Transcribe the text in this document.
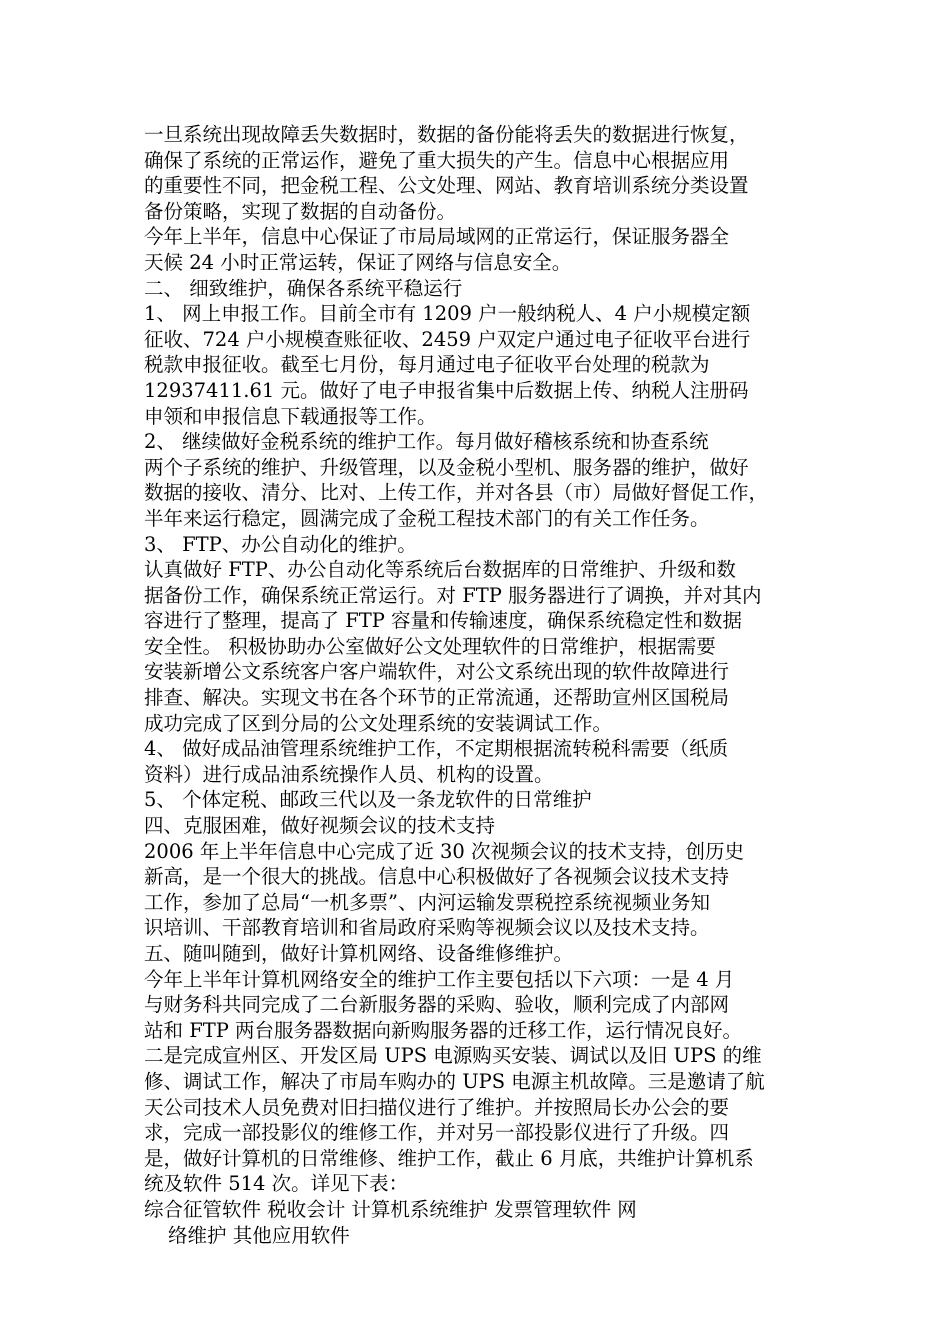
一旦系统出现故障丢失数据时，数据的备份能将丢失的数据进行恢复，
确保了系统的正常运作，避免了重大损失的产生。信息中心根据应用
的重要性不同，把金税工程、公文处理、网站、教育培训系统分类设置
备份策略，实现了数据的自动备份。
今年上半年，信息中心保证了市局局域网的正常运行，保证服务器全
天候 24 小时正常运转，保证了网络与信息安全。
二、 细致维护，确保各系统平稳运行
1、 网上申报工作。目前全市有 1209 户一般纳税人、4 户小规模定额
征收、724 户小规模查账征收、2459 户双定户通过电子征收平台进行
税款申报征收。截至七月份，每月通过电子征收平台处理的税款为
12937411.61 元。做好了电子申报省集中后数据上传、纳税人注册码
申领和申报信息下载通报等工作。
2、 继续做好金税系统的维护工作。每月做好稽核系统和协查系统
两个子系统的维护、升级管理，以及金税小型机、服务器的维护，做好
数据的接收、清分、比对、上传工作，并对各县（市）局做好督促工作，
半年来运行稳定，圆满完成了金税工程技术部门的有关工作任务。
3、 FTP、办公自动化的维护。
认真做好 FTP、办公自动化等系统后台数据库的日常维护、升级和数
据备份工作，确保系统正常运行。对 FTP 服务器进行了调换，并对其内
容进行了整理，提高了 FTP 容量和传输速度，确保系统稳定性和数据
安全性。 积极协助办公室做好公文处理软件的日常维护，根据需要
安装新增公文系统客户客户端软件，对公文系统出现的软件故障进行
排查、解决。实现文书在各个环节的正常流通，还帮助宣州区国税局
成功完成了区到分局的公文处理系统的安装调试工作。
4、 做好成品油管理系统维护工作，不定期根据流转税科需要（纸质
资料）进行成品油系统操作人员、机构的设置。
5、 个体定税、邮政三代以及一条龙软件的日常维护
四、克服困难，做好视频会议的技术支持
2006 年上半年信息中心完成了近 30 次视频会议的技术支持，创历史
新高，是一个很大的挑战。信息中心积极做好了各视频会议技术支持
工作，参加了总局“一机多票”、内河运输发票税控系统视频业务知
识培训、干部教育培训和省局政府采购等视频会议以及技术支持。
五、随叫随到，做好计算机网络、设备维修维护。
今年上半年计算机网络安全的维护工作主要包括以下六项：一是 4 月
与财务科共同完成了二台新服务器的采购、验收，顺利完成了内部网
站和 FTP 两台服务器数据向新购服务器的迁移工作，运行情况良好。
二是完成宣州区、开发区局 UPS 电源购买安装、调试以及旧 UPS 的维
修、调试工作，解决了市局车购办的 UPS 电源主机故障。三是邀请了航
天公司技术人员免费对旧扫描仪进行了维护。并按照局长办公会的要
求，完成一部投影仪的维修工作，并对另一部投影仪进行了升级。四
是，做好计算机的日常维修、维护工作，截止 6 月底，共维护计算机系
统及软件 514 次。详见下表：
综合征管软件 税收会计 计算机系统维护 发票管理软件 网
络维护 其他应用软件
